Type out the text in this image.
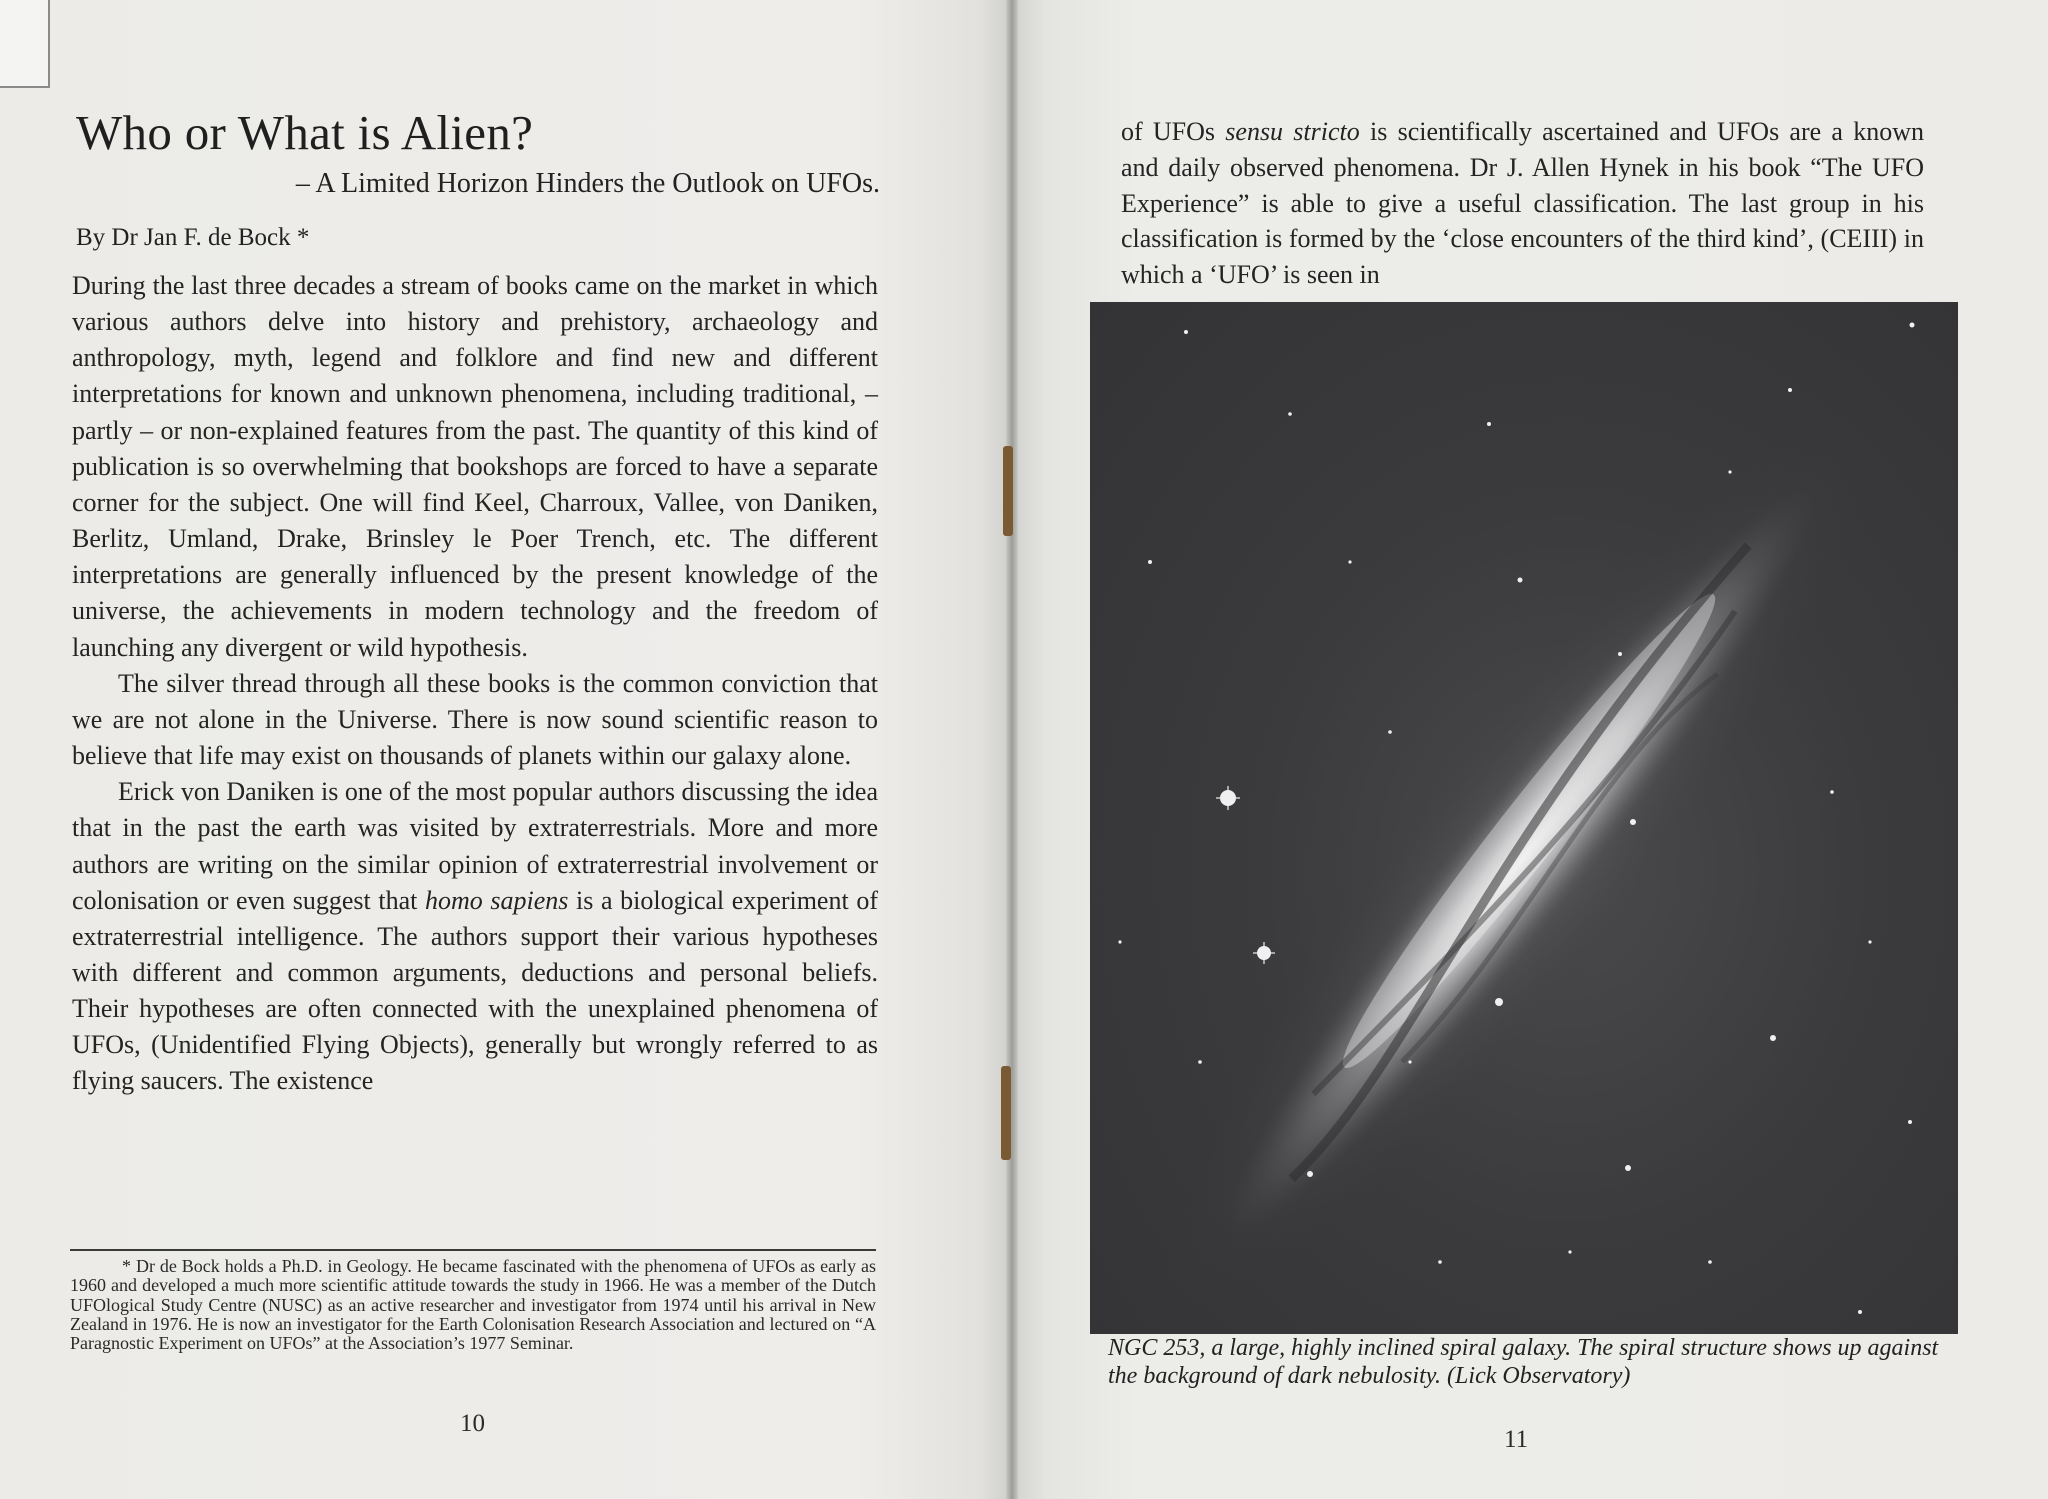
Who or What is Alien?
– A Limited Horizon Hinders the Outlook on UFOs.
By Dr Jan F. de Bock *

During the last three decades a stream of books came on the market in which various authors delve into history and prehistory, archaeology and anthropology, myth, legend and folklore and find new and different interpretations for known and unknown phenomena, including traditional, – partly – or non-explained features from the past. The quantity of this kind of publication is so overwhelming that bookshops are forced to have a separate corner for the subject. One will find Keel, Charroux, Vallee, von Daniken, Berlitz, Umland, Drake, Brinsley le Poer Trench, etc. The different interpretations are generally influenced by the present knowledge of the universe, the achievements in modern technology and the freedom of launching any divergent or wild hypothesis.

The silver thread through all these books is the common conviction that we are not alone in the Universe. There is now sound scientific reason to believe that life may exist on thousands of planets within our galaxy alone.

Erick von Daniken is one of the most popular authors discussing the idea that in the past the earth was visited by extraterrestrials. More and more authors are writing on the similar opinion of extraterrestrial involvement or colonisation or even suggest that homo sapiens is a biological experiment of extraterrestrial intelligence. The authors support their various hypotheses with different and common arguments, deductions and personal beliefs. Their hypotheses are often connected with the unexplained phenomena of UFOs, (Unidentified Flying Objects), generally but wrongly referred to as flying saucers. The existence

* Dr de Bock holds a Ph.D. in Geology. He became fascinated with the phenomena of UFOs as early as 1960 and developed a much more scientific attitude towards the study in 1966. He was a member of the Dutch UFOlogical Study Centre (NUSC) as an active researcher and investigator from 1974 until his arrival in New Zealand in 1976. He is now an investigator for the Earth Colonisation Research Association and lectured on “A Paragnostic Experiment on UFOs” at the Association’s 1977 Seminar.

10

of UFOs sensu stricto is scientifically ascertained and UFOs are a known and daily observed phenomena. Dr J. Allen Hynek in his book “The UFO Experience” is able to give a useful classification. The last group in his classification is formed by the ‘close encounters of the third kind’, (CEIII) in which a ‘UFO’ is seen in

NGC 253, a large, highly inclined spiral galaxy. The spiral structure shows up against the background of dark nebulosity. (Lick Observatory)
11
